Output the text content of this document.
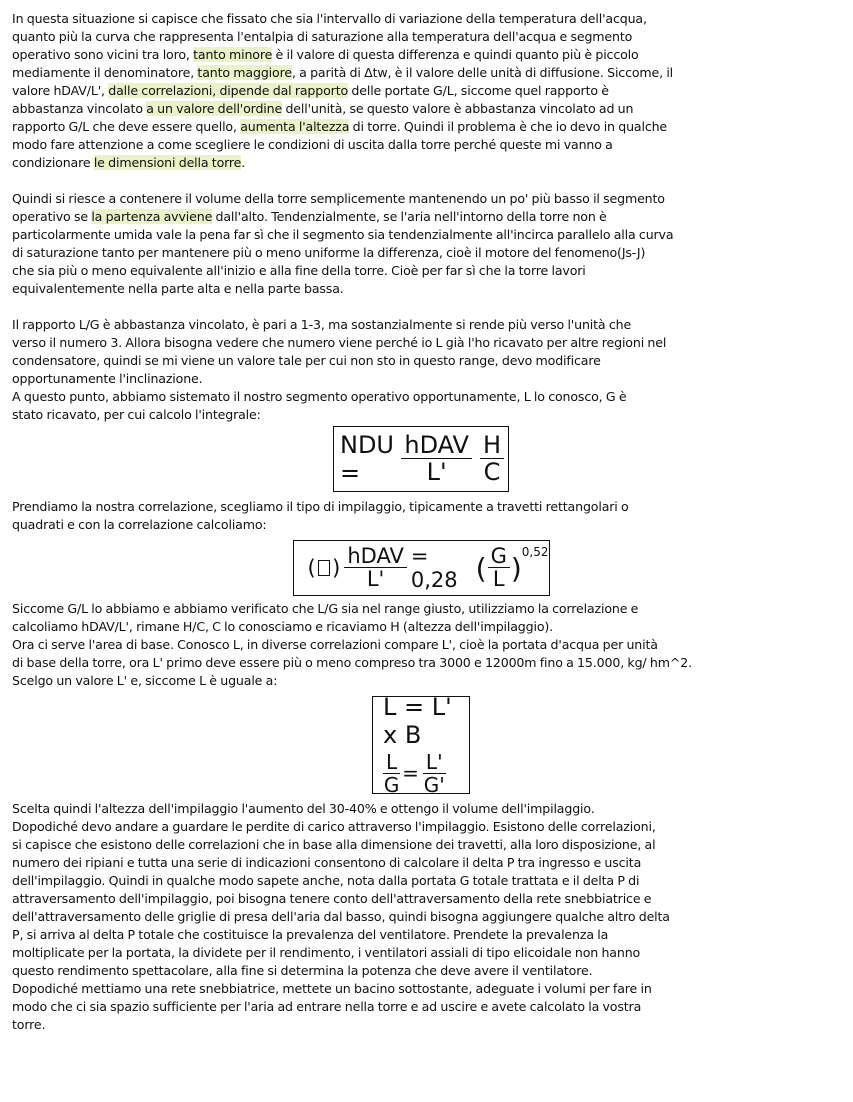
In questa situazione si capisce che fissato che sia l'intervallo di variazione della temperatura dell'acqua,

quanto più la curva che rappresenta l'entalpia di saturazione alla temperatura dell'acqua e segmento

operativo sono vicini tra loro, tanto minore è il valore di questa differenza e quindi quanto più è piccolo

mediamente il denominatore, tanto maggiore, a parità di Δtw, è il valore delle unità di diffusione. Siccome, il

valore hDAV/L', dalle correlazioni, dipende dal rapporto delle portate G/L, siccome quel rapporto è

abbastanza vincolato a un valore dell'ordine dell'unità, se questo valore è abbastanza vincolato ad un

rapporto G/L che deve essere quello, aumenta l'altezza di torre. Quindi il problema è che io devo in qualche

modo fare attenzione a come scegliere le condizioni di uscita dalla torre perché queste mi vanno a

condizionare le dimensioni della torre.

Quindi si riesce a contenere il volume della torre semplicemente mantenendo un po' più basso il segmento

operativo se la partenza avviene dall'alto. Tendenzialmente, se l'aria nell'intorno della torre non è

particolarmente umida vale la pena far sì che il segmento sia tendenzialmente all'incirca parallelo alla curva

di saturazione tanto per mantenere più o meno uniforme la differenza, cioè il motore del fenomeno(Js-J)

che sia più o meno equivalente all'inizio e alla fine della torre. Cioè per far sì che la torre lavori

equivalentemente nella parte alta e nella parte bassa.

Il rapporto L/G è abbastanza vincolato, è pari a 1-3, ma sostanzialmente si rende più verso l'unità che

verso il numero 3. Allora bisogna vedere che numero viene perché io L già l'ho ricavato per altre regioni nel

condensatore, quindi se mi viene un valore tale per cui non sto in questo range, devo modificare

opportunamente l'inclinazione.

A questo punto, abbiamo sistemato il nostro segmento operativo opportunamente, L lo conosco, G è

stato ricavato, per cui calcolo l'integrale:

NDU =	$\frac{\text{hDAV}}{L'} \frac{H}{C}$

Prendiamo la nostra correlazione, scegliamo il tipo di impilaggio, tipicamente a travetti rettangolari o

quadrati e con la correlazione calcoliamo:

( ) $\frac{\text{hDAV}}{L'} = 0,28$ ( $\frac{G}{L} )^{0,52}$

Siccome G/L lo abbiamo e abbiamo verificato che L/G sia nel range giusto, utilizziamo la correlazione e

calcoliamo hDAV/L', rimane H/C, C lo conosciamo e ricaviamo H (altezza dell'impilaggio).

Ora ci serve l'area di base. Conosco L, in diverse correlazioni compare L', cioè la portata d'acqua per unità

di base della torre, ora L' primo deve essere più o meno compreso tra 3000 e 12000m fino a 15.000, kg/ hm^2.

Scelgo un valore L' e, siccome L è uguale a:

L = L' x B
$\frac{L}{G} = \frac{L'}{G'}$

Scelta quindi l'altezza dell'impilaggio l'aumento del 30-40% e ottengo il volume dell'impilaggio.

Dopodiché devo andare a guardare le perdite di carico attraverso l'impilaggio. Esistono delle correlazioni,

si capisce che esistono delle correlazioni che in base alla dimensione dei travetti, alla loro disposizione, al

numero dei ripiani e tutta una serie di indicazioni consentono di calcolare il delta P tra ingresso e uscita

dell'impilaggio. Quindi in qualche modo sapete anche, nota dalla portata G totale trattata e il delta P di

attraversamento dell'impilaggio, poi bisogna tenere conto dell'attraversamento della rete snebbiatrice e

dell'attraversamento delle griglie di presa dell'aria dal basso, quindi bisogna aggiungere qualche altro delta

P, si arriva al delta P totale che costituisce la prevalenza del ventilatore. Prendete la prevalenza la

moltiplicate per la portata, la dividete per il rendimento, i ventilatori assiali di tipo elicoidale non hanno

questo rendimento spettacolare, alla fine si determina la potenza che deve avere il ventilatore.

Dopodiché mettiamo una rete snebbiatrice, mettete un bacino sottostante, adeguate i volumi per fare in

modo che ci sia spazio sufficiente per l'aria ad entrare nella torre e ad uscire e avete calcolato la vostra

torre.
